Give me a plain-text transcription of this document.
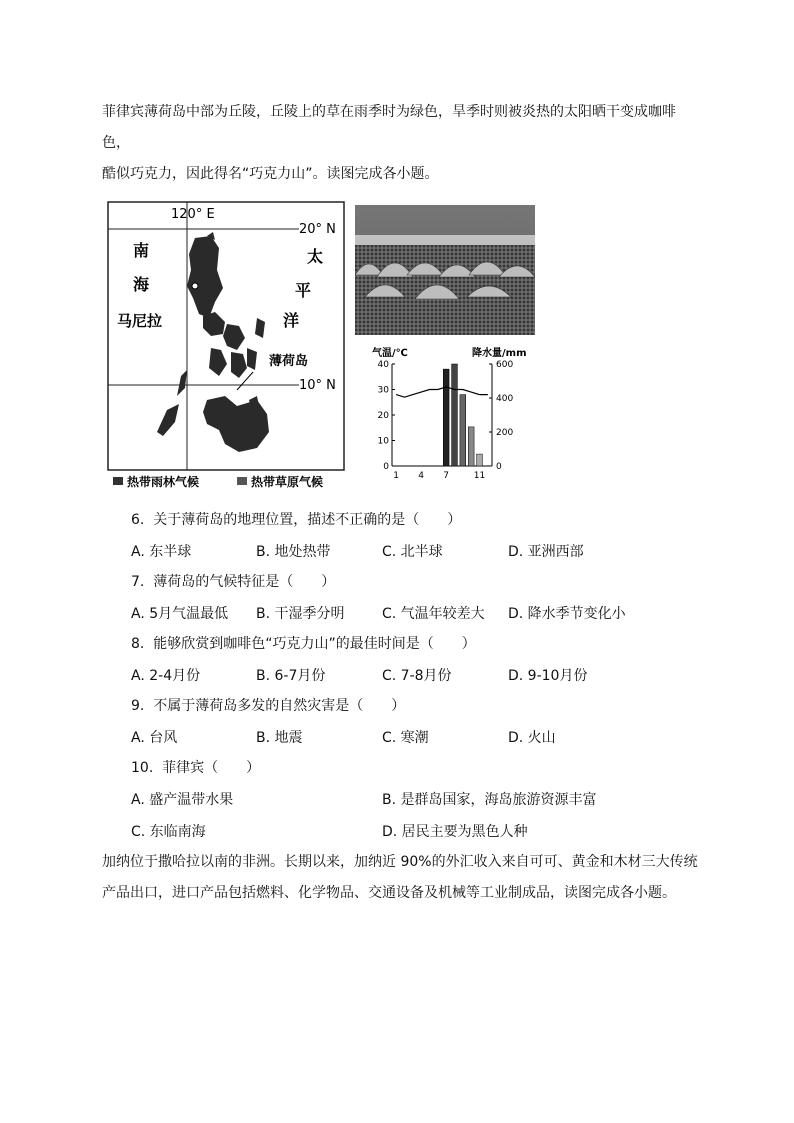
菲律宾薄荷岛中部为丘陵，丘陵上的草在雨季时为绿色，旱季时则被炎热的太阳晒干变成咖啡色，
酷似巧克力，因此得名“巧克力山”。读图完成各小题。
120° E
20° N
10° N
南
海
太
平
洋
马尼拉
薄荷岛
热带雨林气候	热带草原气候
气温/℃	降水量/mm
40
30
20
10
0
600
400
200
0
1 4 7	11
6. 关于薄荷岛的地理位置，描述不正确的是（　　）
A. 东半球	B. 地处热带	C. 北半球	D. 亚洲西部
7. 薄荷岛的气候特征是（　　）
A. 5月气温最低 B. 干湿季分明	C. 气温年较差大 D. 降水季节变化小
8. 能够欣赏到咖啡色“巧克力山”的最佳时间是（　　）
A. 2-4月份	B. 6-7月份	C. 7-8月份	D. 9-10月份
9. 不属于薄荷岛多发的自然灾害是（　　）
A. 台风	B. 地震	C. 寒潮	D. 火山
10. 菲律宾（　　）
A. 盛产温带水果	B. 是群岛国家，海岛旅游资源丰富
C. 东临南海	D. 居民主要为黑色人种
加纳位于撒哈拉以南的非洲。长期以来，加纳近 90%的外汇收入来自可可、黄金和木材三大传统
产品出口，进口产品包括燃料、化学物品、交通设备及机械等工业制成品，读图完成各小题。
